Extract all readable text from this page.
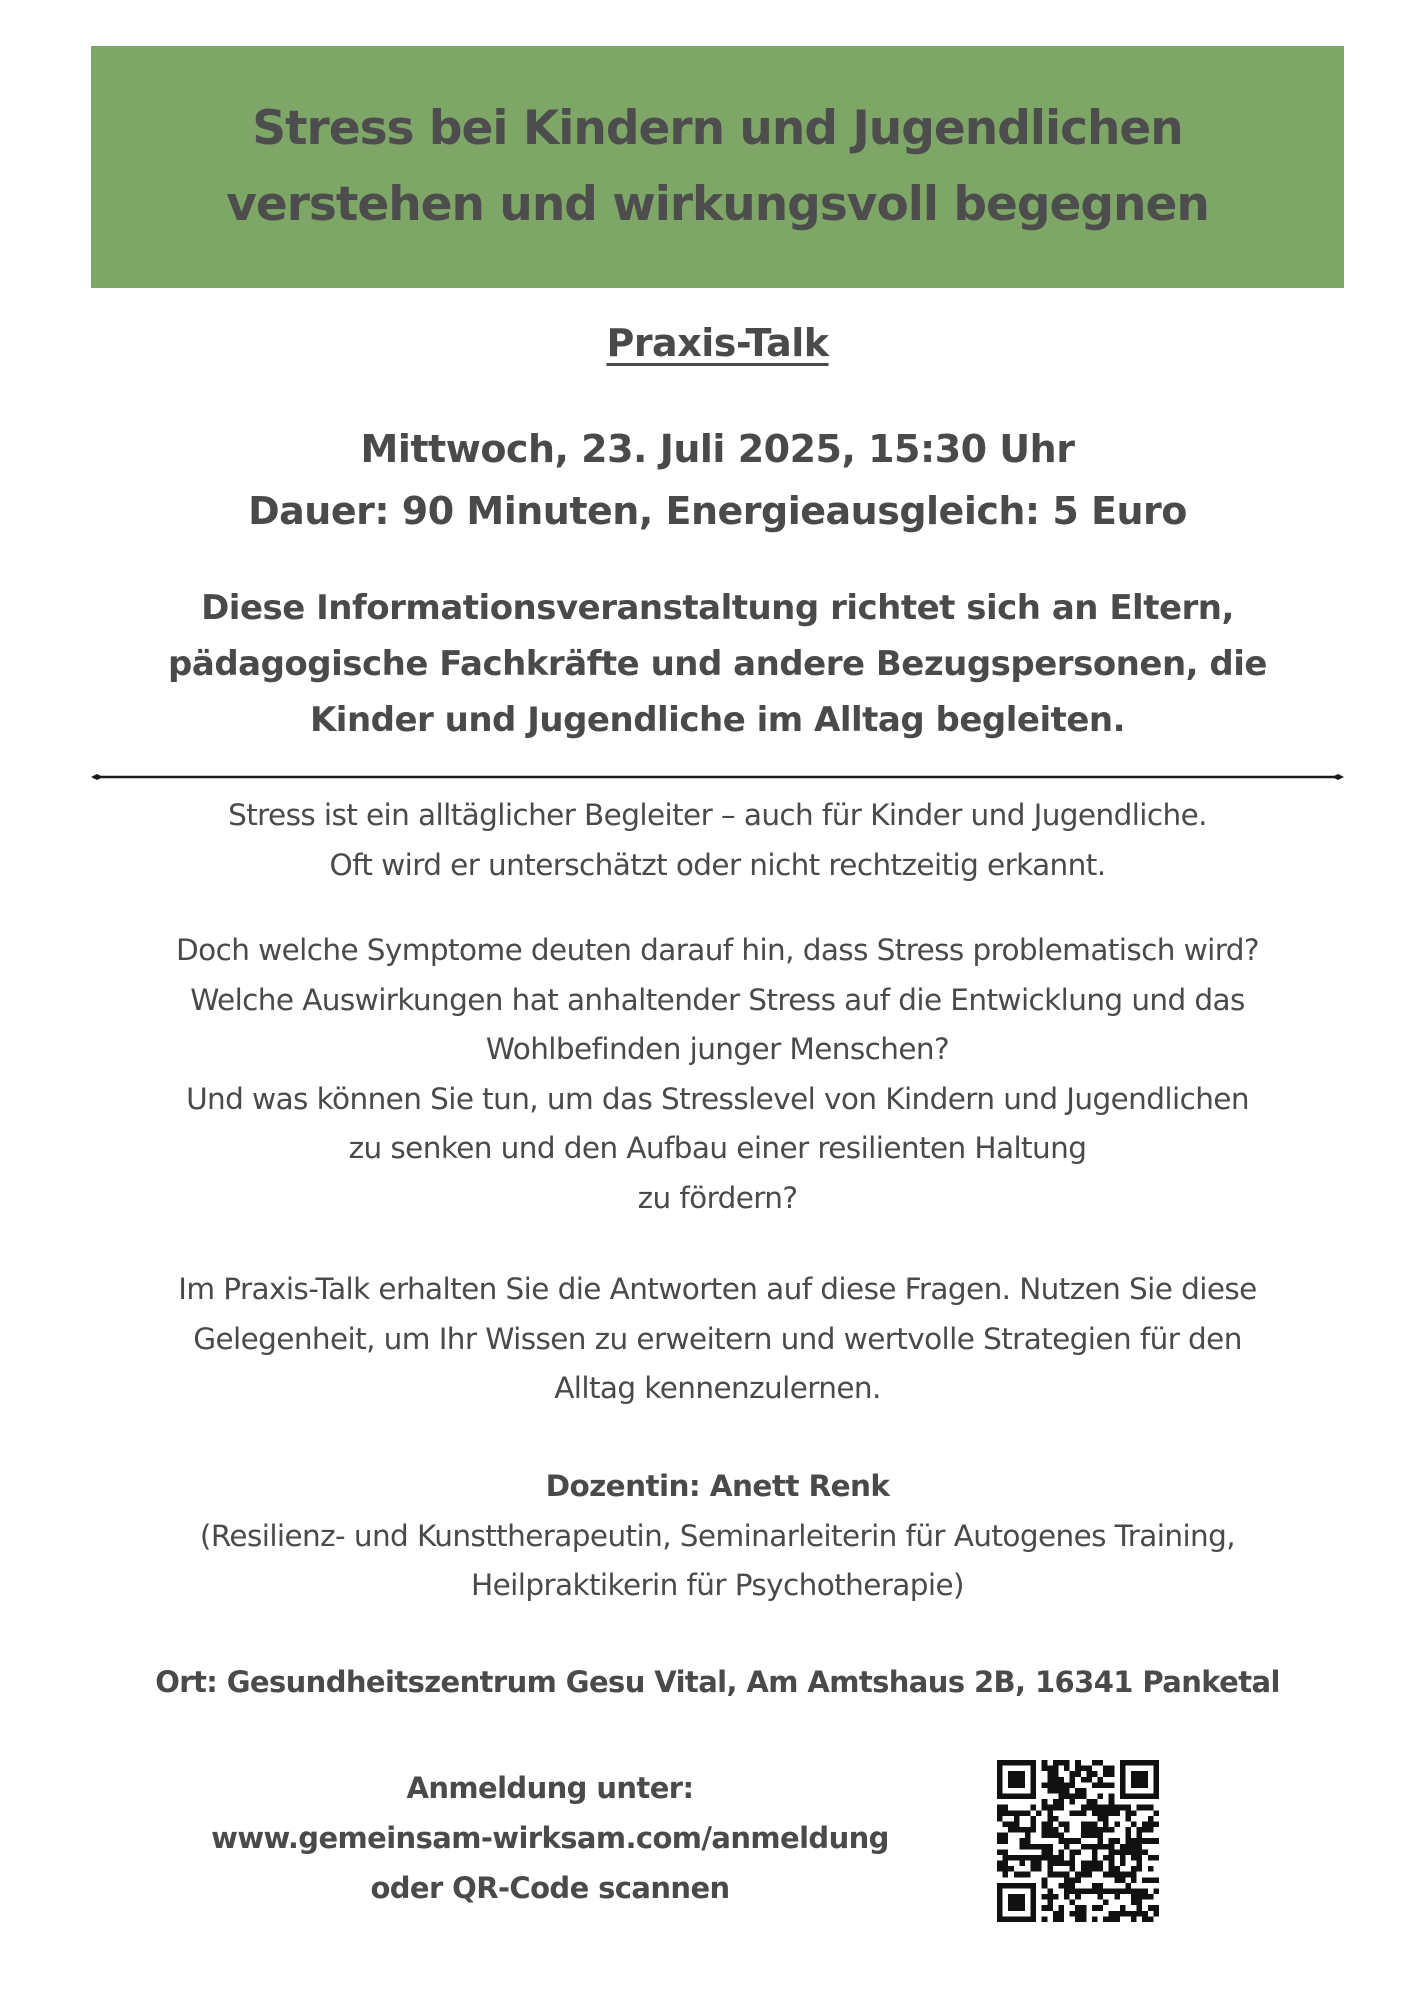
Stress bei Kindern und Jugendlichen
verstehen und wirkungsvoll begegnen
Praxis-Talk
Mittwoch, 23. Juli 2025, 15:30 Uhr
Dauer: 90 Minuten, Energieausgleich: 5 Euro
Diese Informationsveranstaltung richtet sich an Eltern,
pädagogische Fachkräfte und andere Bezugspersonen, die
Kinder und Jugendliche im Alltag begleiten.
Stress ist ein alltäglicher Begleiter – auch für Kinder und Jugendliche.
Oft wird er unterschätzt oder nicht rechtzeitig erkannt.
Doch welche Symptome deuten darauf hin, dass Stress problematisch wird?
Welche Auswirkungen hat anhaltender Stress auf die Entwicklung und das
Wohlbefinden junger Menschen?
Und was können Sie tun, um das Stresslevel von Kindern und Jugendlichen
zu senken und den Aufbau einer resilienten Haltung
zu fördern?
Im Praxis-Talk erhalten Sie die Antworten auf diese Fragen. Nutzen Sie diese
Gelegenheit, um Ihr Wissen zu erweitern und wertvolle Strategien für den
Alltag kennenzulernen.
Dozentin: Anett Renk
(Resilienz- und Kunsttherapeutin, Seminarleiterin für Autogenes Training,
Heilpraktikerin für Psychotherapie)
Ort: Gesundheitszentrum Gesu Vital, Am Amtshaus 2B, 16341 Panketal
Anmeldung unter:
www.gemeinsam-wirksam.com/anmeldung
oder QR-Code scannen
